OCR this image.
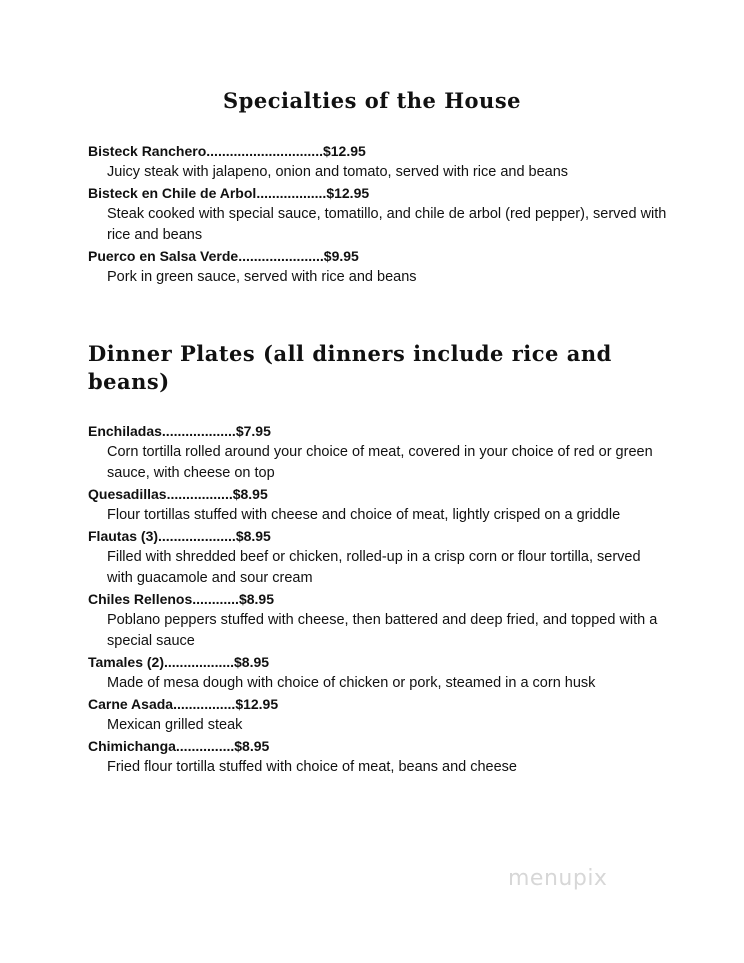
Specialties of the House
Bisteck Ranchero..............................$12.95

Juicy steak with jalapeno, onion and tomato, served with rice and beans

Bisteck en Chile de Arbol..................$12.95

Steak cooked with special sauce, tomatillo, and chile de arbol (red pepper), served with rice and beans

Puerco en Salsa Verde......................$9.95

Pork in green sauce, served with rice and beans

Dinner Plates (all dinners include rice and beans)
Enchiladas...................$7.95

Corn tortilla rolled around your choice of meat, covered in your choice of red or green sauce, with cheese on top

Quesadillas.................$8.95

Flour tortillas stuffed with cheese and choice of meat, lightly crisped on a griddle

Flautas (3)....................$8.95

Filled with shredded beef or chicken, rolled-up in a crisp corn or flour tortilla, served with guacamole and sour cream

Chiles Rellenos............$8.95

Poblano peppers stuffed with cheese, then battered and deep fried, and topped with a special sauce

Tamales (2)..................$8.95

Made of mesa dough with choice of chicken or pork, steamed in a corn husk

Carne Asada................$12.95

Mexican grilled steak

Chimichanga...............$8.95

Fried flour tortilla stuffed with choice of meat, beans and cheese

menupix
